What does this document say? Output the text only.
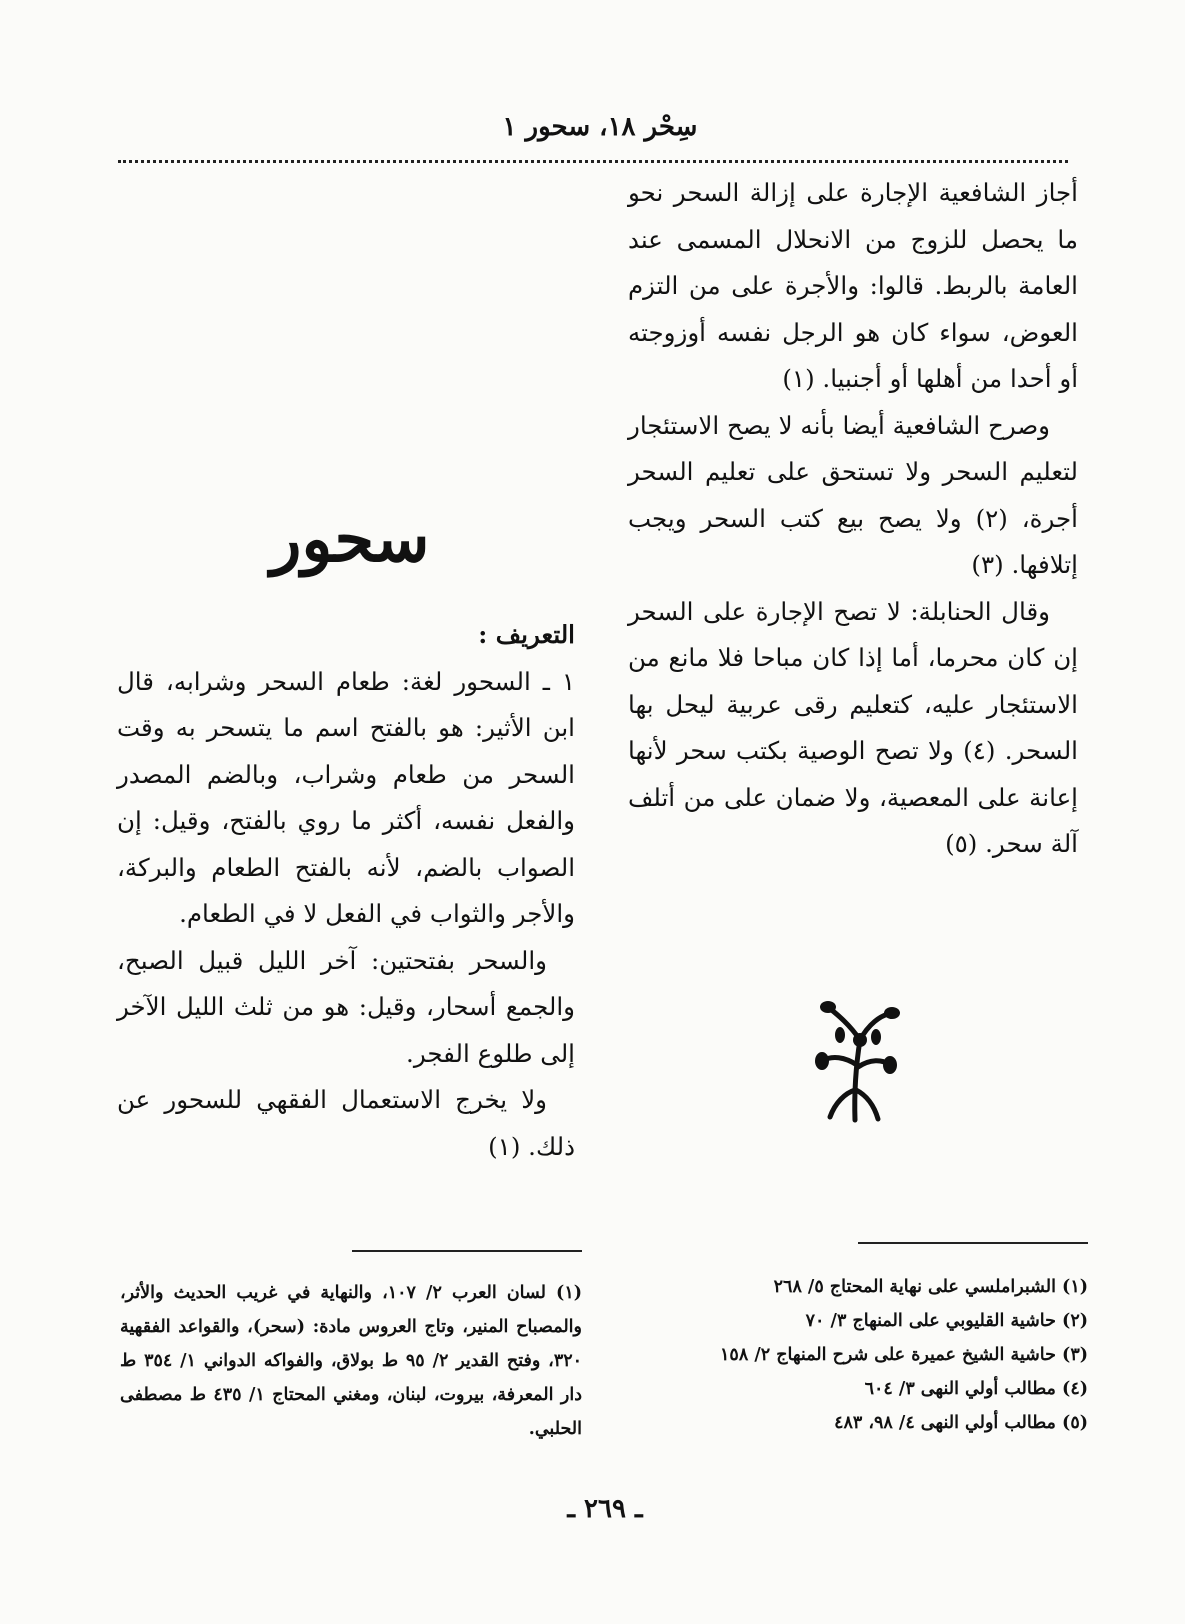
سِحْر ١٨، سحور ١

أجاز الشافعية الإجارة على إزالة السحر نحو ما يحصل للزوج من الانحلال المسمى عند العامة بالربط. قالوا: والأجرة على من التزم العوض، سواء كان هو الرجل نفسه أوزوجته أو أحدا من أهلها أو أجنبيا. (١)

وصرح الشافعية أيضا بأنه لا يصح الاستئجار لتعليم السحر ولا تستحق على تعليم السحر أجرة، (٢) ولا يصح بيع كتب السحر ويجب إتلافها. (٣)

وقال الحنابلة: لا تصح الإجارة على السحر إن كان محرما، أما إذا كان مباحا فلا مانع من الاستئجار عليه، كتعليم رقى عربية ليحل بها السحر. (٤) ولا تصح الوصية بكتب سحر لأنها إعانة على المعصية، ولا ضمان على من أتلف آلة سحر. (٥)

سحور

التعريف :

١ ـ السحور لغة: طعام السحر وشرابه، قال ابن الأثير: هو بالفتح اسم ما يتسحر به وقت السحر من طعام وشراب، وبالضم المصدر والفعل نفسه، أكثر ما روي بالفتح، وقيل: إن الصواب بالضم، لأنه بالفتح الطعام والبركة، والأجر والثواب في الفعل لا في الطعام.

والسحر بفتحتين: آخر الليل قبيل الصبح، والجمع أسحار، وقيل: هو من ثلث الليل الآخر إلى طلوع الفجر.

ولا يخرج الاستعمال الفقهي للسحور عن ذلك. (١)

(١) الشبراملسي على نهاية المحتاج ٥/ ٢٦٨

(٢) حاشية القليوبي على المنهاج ٣/ ٧٠

(٣) حاشية الشيخ عميرة على شرح المنهاج ٢/ ١٥٨

(٤) مطالب أولي النهى ٣/ ٦٠٤

(٥) مطالب أولي النهى ٤/ ٩٨، ٤٨٣

(١) لسان العرب ٢/ ١٠٧، والنهاية في غريب الحديث والأثر، والمصباح المنير، وتاج العروس مادة: (سحر)، والقواعد الفقهية ٣٢٠، وفتح القدير ٢/ ٩٥ ط بولاق، والفواكه الدواني ١/ ٣٥٤ ط دار المعرفة، بيروت، لبنان، ومغني المحتاج ١/ ٤٣٥ ط مصطفى الحلبي.

ـ ٢٦٩ ـ
